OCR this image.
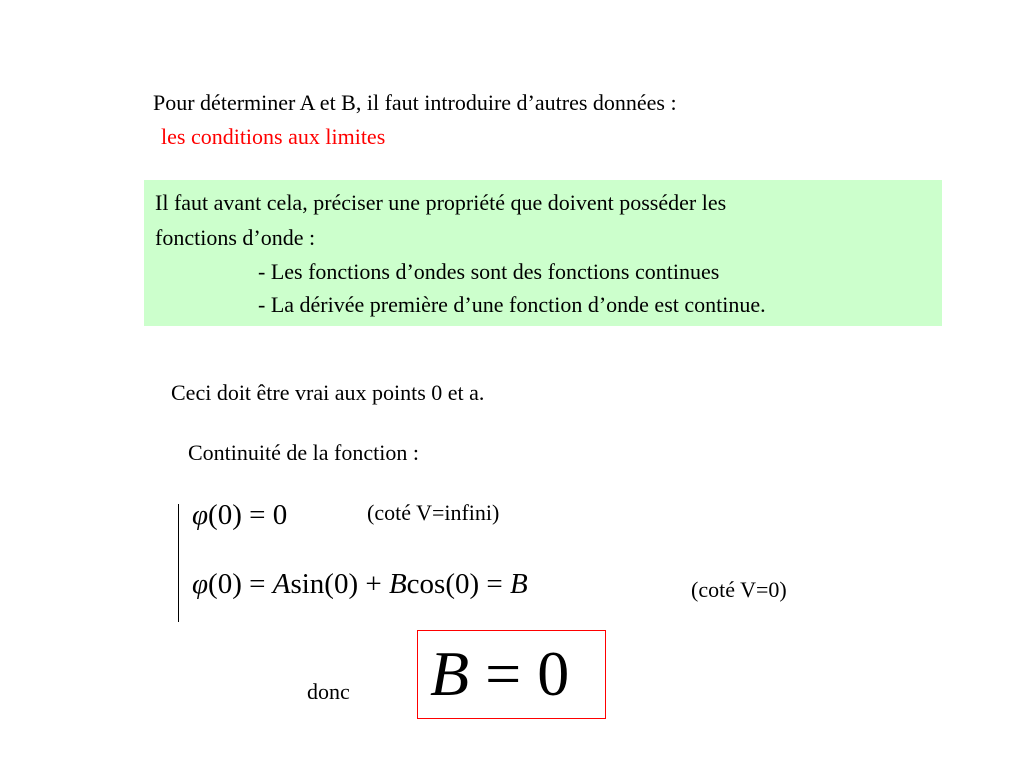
Pour déterminer A et B, il faut introduire d’autres données :
les conditions aux limites
Il faut avant cela, préciser une propriété que doivent posséder les
fonctions d’onde :
- Les fonctions d’ondes sont des fonctions continues
- La dérivée première d’une fonction d’onde est continue.
Ceci doit être vrai aux points 0 et a.
Continuité de la fonction :
φ(0) = 0	(coté V=infini)
φ(0) = Asin(0) + Bcos(0) = B	(coté V=0)
donc B = 0
